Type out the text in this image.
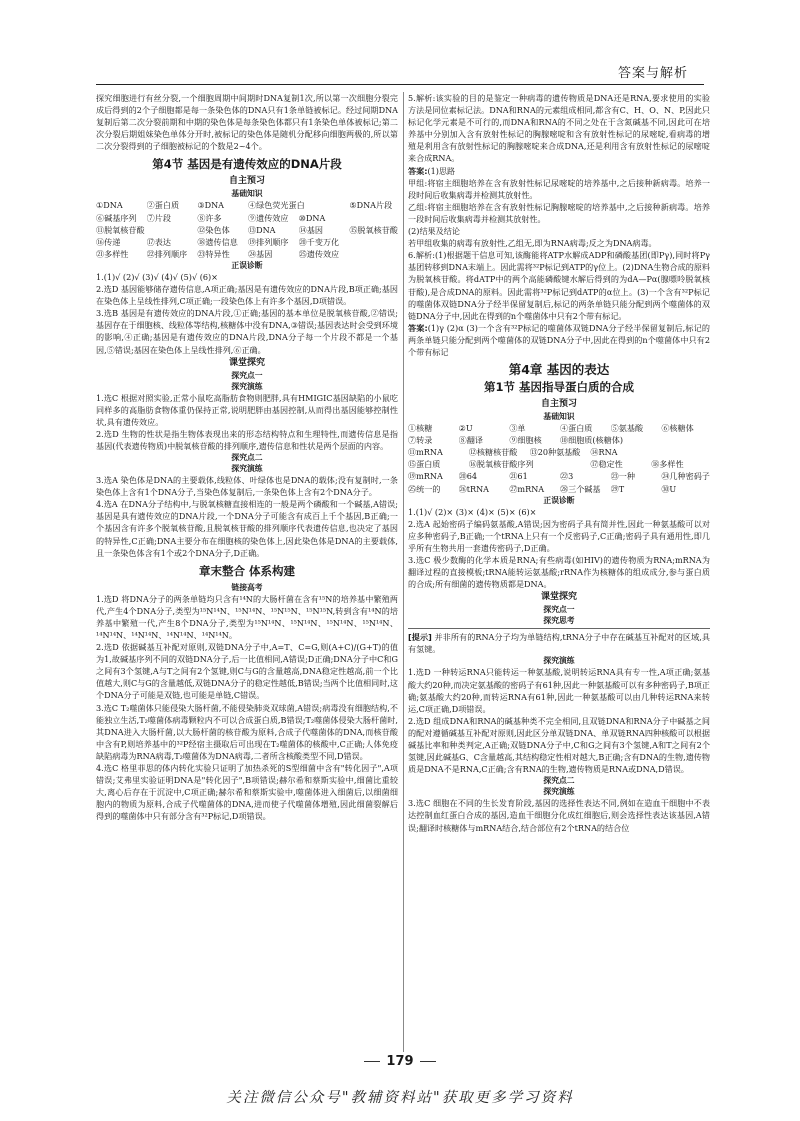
答案与解析

探究细胞进行有丝分裂,一个细胞周期中间期时DNA复制1次,所以第一次细胞分裂完成后得到的2个子细胞都是每一条染色体的DNA只有1条单链被标记。经过间期DNA复制后第二次分裂前期和中期的染色体是每条染色体都只有1条染色单体被标记;第二次分裂后期姐妹染色单体分开时,被标记的染色体是随机分配移向细胞两极的,所以第二次分裂得到的子细胞被标记的个数是2~4个。

第4节 基因是有遗传效应的DNA片段
自主预习
基础知识
①DNA	②蛋白质	③DNA	④绿色荧光蛋白	⑤DNA片段
⑥碱基序列	⑦片段	⑧许多	⑨遗传效应	⑩DNA
⑪脱氧核苷酸	⑫染色体	⑬DNA	⑭基因	⑮脱氧核苷酸
⑯传递	⑰表达	⑱遗传信息	⑲排列顺序	⑳千变万化
㉑多样性	㉒排列顺序	㉓特异性	㉔基因	㉕遗传效应
正误诊断

1.(1)√ (2)√ (3)√ (4)√ (5)√ (6)×

2.选D 基因能够储存遗传信息,A项正确;基因是有遗传效应的DNA片段,B项正确;基因在染色体上呈线性排列,C项正确;一段染色体上有许多个基因,D项错误。

3.选B 基因是有遗传效应的DNA片段,①正确;基因的基本单位是脱氧核苷酸,②错误;基因存在于细胞核、线粒体等结构,核糖体中没有DNA,③错误;基因表达时会受到环境的影响,④正确;基因是有遗传效应的DNA片段,DNA分子每一个片段不都是一个基因,⑤错误;基因在染色体上呈线性排列,⑥正确。

课堂探究
探究点一
探究演练

1.选C 根据对照实验,正常小鼠吃高脂肪食物则肥胖,具有HMIGIC基因缺陷的小鼠吃同样多的高脂肪食物体重仍保持正常,说明肥胖由基因控制,从而得出基因能够控制性状,具有遗传效应。

2.选D 生物的性状是指生物体表现出来的形态结构特点和生理特性,而遗传信息是指基因(代表遗传物质)中脱氧核苷酸的排列顺序,遗传信息和性状是两个层面的内容。

探究点二
探究演练

3.选A 染色体是DNA的主要载体,线粒体、叶绿体也是DNA的载体;没有复制时,一条染色体上含有1个DNA分子,当染色体复制后,一条染色体上含有2个DNA分子。

4.选A 在DNA分子结构中,与脱氧核糖直接相连的一般是两个磷酸和一个碱基,A错误;基因是具有遗传效应的DNA片段,一个DNA分子可能含有成百上千个基因,B正确;一个基因含有许多个脱氧核苷酸,且脱氧核苷酸的排列顺序代表遗传信息,也决定了基因的特异性,C正确;DNA主要分布在细胞核的染色体上,因此染色体是DNA的主要载体,且一条染色体含有1个或2个DNA分子,D正确。

章末整合 体系构建
链接高考

1.选D 将DNA分子的两条单链均只含有¹⁴N的大肠杆菌在含有¹⁵N的培养基中繁殖两代,产生4个DNA分子,类型为¹⁵N¹⁴N、¹⁵N¹⁴N、¹⁵N¹⁵N、¹⁵N¹⁵N,转到含有¹⁴N的培养基中繁殖一代,产生8个DNA分子,类型为¹⁵N¹⁴N、¹⁵N¹⁴N、¹⁵N¹⁴N、¹⁵N¹⁴N、¹⁴N¹⁴N、¹⁴N¹⁴N、¹⁴N¹⁴N、¹⁴N¹⁴N。

2.选D 依据碱基互补配对原则,双链DNA分子中,A=T、C=G,则(A+C)/(G+T)的值为1,故碱基序列不同的双链DNA分子,后一比值相同,A错误;D正确;DNA分子中C和G之间有3个氢键,A与T之间有2个氢键,则C与G的含量越高,DNA稳定性越高,前一个比值越大,则C与G的含量越低,双链DNA分子的稳定性越低,B错误;当两个比值相同时,这个DNA分子可能是双链,也可能是单链,C错误。

3.选C T₂噬菌体只能侵染大肠杆菌,不能侵染肺炎双球菌,A错误;病毒没有细胞结构,不能独立生活,T₂噬菌体病毒颗粒内不可以合成蛋白质,B错误;T₂噬菌体侵染大肠杆菌时,其DNA进入大肠杆菌,以大肠杆菌的核苷酸为原料,合成子代噬菌体的DNA,而核苷酸中含有P,则培养基中的³²P经宿主摄取后可出现在T₂噬菌体的核酸中,C正确;人体免疫缺陷病毒为RNA病毒,T₂噬菌体为DNA病毒,二者所含核酸类型不同,D错误。

4.选C 格里菲思的体内转化实验只证明了加热杀死的S型细菌中含有"转化因子",A项错误;艾弗里实验证明DNA是"转化因子",B项错误;赫尔希和蔡斯实验中,细菌比重较大,离心后存在于沉淀中,C项正确;赫尔希和蔡斯实验中,噬菌体进入细菌后,以细菌细胞内的物质为原料,合成子代噬菌体的DNA,进而使子代噬菌体增殖,因此细菌裂解后得到的噬菌体中只有部分含有³²P标记,D项错误。

5.解析:该实验的目的是鉴定一种病毒的遗传物质是DNA还是RNA,要求使用的实验方法是同位素标记法。DNA和RNA的元素组成相同,都含有C、H、O、N、P,因此只标记化学元素是不可行的,而DNA和RNA的不同之处在于含氮碱基不同,因此可在培养基中分别加入含有放射性标记的胸腺嘧啶和含有放射性标记的尿嘧啶,看病毒的增殖是利用含有放射性标记的胸腺嘧啶来合成DNA,还是利用含有放射性标记的尿嘧啶来合成RNA。

答案:(1)思路

甲组:将宿主细胞培养在含有放射性标记尿嘧啶的培养基中,之后接种新病毒。培养一段时间后收集病毒并检测其放射性。

乙组:将宿主细胞培养在含有放射性标记胸腺嘧啶的培养基中,之后接种新病毒。培养一段时间后收集病毒并检测其放射性。

(2)结果及结论

若甲组收集的病毒有放射性,乙组无,即为RNA病毒;反之为DNA病毒。

6.解析:(1)根据题干信息可知,该酶能将ATP水解成ADP和磷酸基团(即Pγ),同时将Pγ基团转移到DNA末端上。因此需将³²P标记到ATP的γ位上。(2)DNA生物合成的原料为脱氧核苷酸。将dATP中的两个高能磷酸键水解后得到的为dA—Pα(腺嘌呤脱氧核苷酸),是合成DNA的原料。因此需将³²P标记到dATP的α位上。(3)一个含有³²P标记的噬菌体双链DNA分子经半保留复制后,标记的两条单链只能分配到两个噬菌体的双链DNA分子中,因此在得到的n个噬菌体中只有2个带有标记。

答案:(1)γ (2)α (3)一个含有³²P标记的噬菌体双链DNA分子经半保留复制后,标记的两条单链只能分配到两个噬菌体的双链DNA分子中,因此在得到的n个噬菌体中只有2个带有标记

第4章 基因的表达
第1节 基因指导蛋白质的合成
自主预习
基础知识
①核糖	②U	③单	④蛋白质	⑤氨基酸	⑥核糖体
⑦转录	⑧翻译	⑨细胞核	⑩细胞质(核糖体)
⑪mRNA	⑫核糖核苷酸	⑬20种氨基酸	⑭RNA
⑮蛋白质	⑯脱氧核苷酸序列	⑰稳定性	⑱多样性
⑲mRNA	⑳64	㉑61	㉒3	㉓一种	㉔几种密码子
㉕统一的	㉖tRNA	㉗mRNA	㉘三个碱基	㉙T	㉚U
正误诊断

1.(1)√ (2)× (3)× (4)× (5)× (6)×

2.选A 起始密码子编码氨基酸,A错误;因为密码子具有简并性,因此一种氨基酸可以对应多种密码子,B正确;一个tRNA上只有一个反密码子,C正确;密码子具有通用性,即几乎所有生物共用一套遗传密码子,D正确。

3.选C 极少数酶的化学本质是RNA;有些病毒(如HIV)的遗传物质为RNA;mRNA为翻译过程的直接模板;tRNA能转运氨基酸;rRNA作为核糖体的组成成分,参与蛋白质的合成;所有细菌的遗传物质都是DNA。

课堂探究
探究点一
探究思考

[提示] 并非所有的RNA分子均为单链结构,tRNA分子中存在碱基互补配对的区域,具有氢键。

探究演练

1.选D 一种转运RNA只能转运一种氨基酸,说明转运RNA具有专一性,A项正确;氨基酸大约20种,而决定氨基酸的密码子有61种,因此一种氨基酸可以有多种密码子,B项正确;氨基酸大约20种,而转运RNA有61种,因此一种氨基酸可以由几种转运RNA来转运,C项正确,D项错误。

2.选D 组成DNA和RNA的碱基种类不完全相同,且双链DNA和RNA分子中碱基之间的配对遵循碱基互补配对原则,因此区分单双链DNA、单双链RNA四种核酸可以根据碱基比率和种类判定,A正确;双链DNA分子中,C和G之间有3个氢键,A和T之间有2个氢键,因此碱基G、C含量越高,其结构稳定性相对越大,B正确;含有DNA的生物,遗传物质是DNA不是RNA,C正确;含有RNA的生物,遗传物质是RNA或DNA,D错误。

探究点二
探究演练

3.选C 细胞在不同的生长发育阶段,基因的选择性表达不同,例如在造血干细胞中不表达控制血红蛋白合成的基因,造血干细胞分化成红细胞后,则会选择性表达该基因,A错误;翻译时核糖体与mRNA结合,结合部位有2个tRNA的结合位

179
关注微信公众号"教辅资料站"获取更多学习资料
